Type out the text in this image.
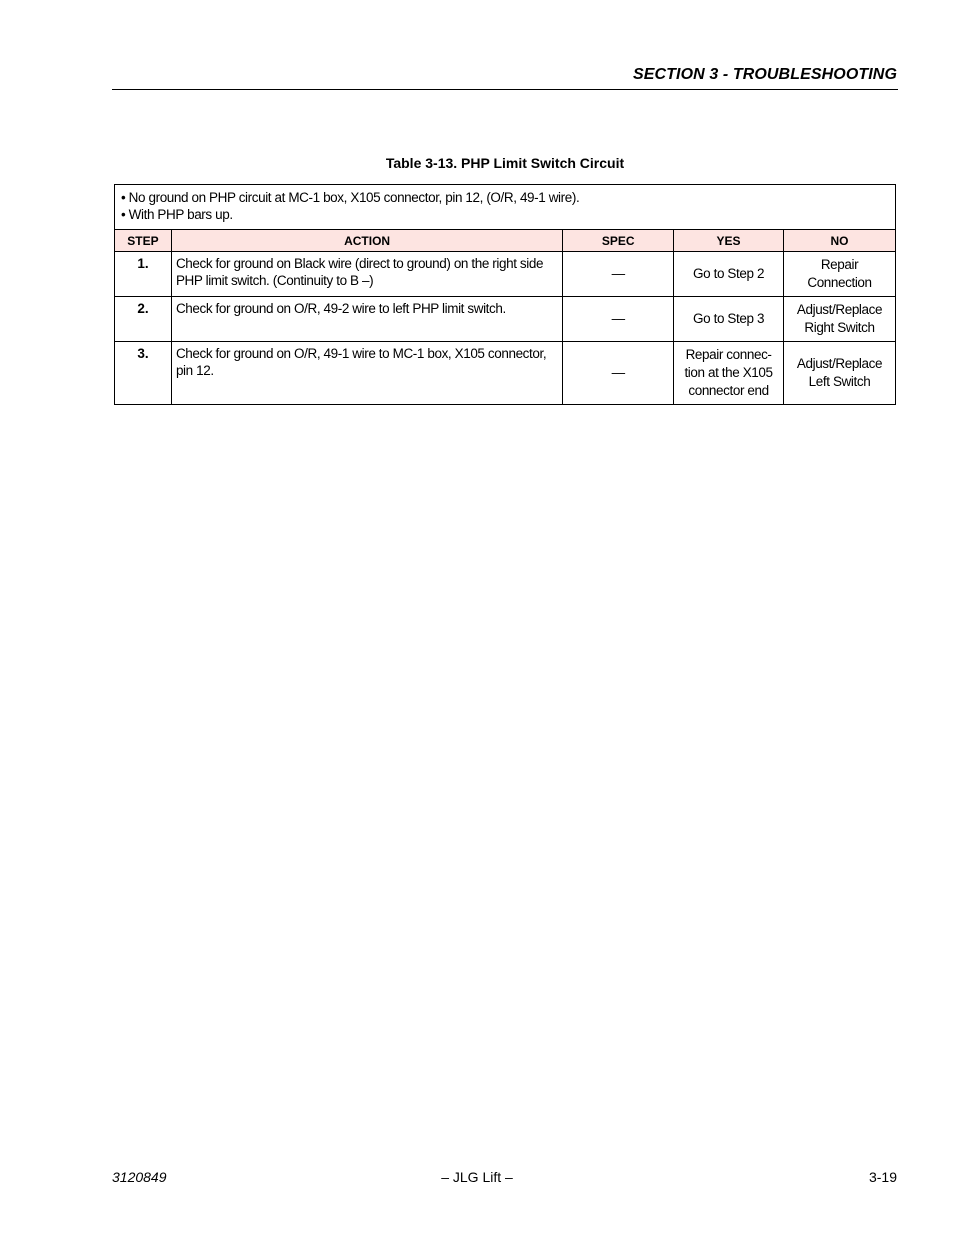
SECTION 3 - TROUBLESHOOTING
Table 3-13. PHP Limit Switch Circuit
• No ground on PHP circuit at MC-1 box, X105 connector, pin 12, (O/R, 49-1 wire).
• With PHP bars up.				

STEP	ACTION	SPEC	YES	NO
1.	Check for ground on Black wire (direct to ground) on the right side PHP limit switch. (Continuity to B –)	—	Go to Step 2	Repair Connection
2.	Check for ground on O/R, 49-2 wire to left PHP limit switch.	—	Go to Step 3	Adjust/Replace Right Switch
3.	Check for ground on O/R, 49-1 wire to MC-1 box, X105 connector, pin 12.	—	Repair connec-tion at the X105 connector end	Adjust/Replace Left Switch
3120849	– JLG Lift –	3-19
